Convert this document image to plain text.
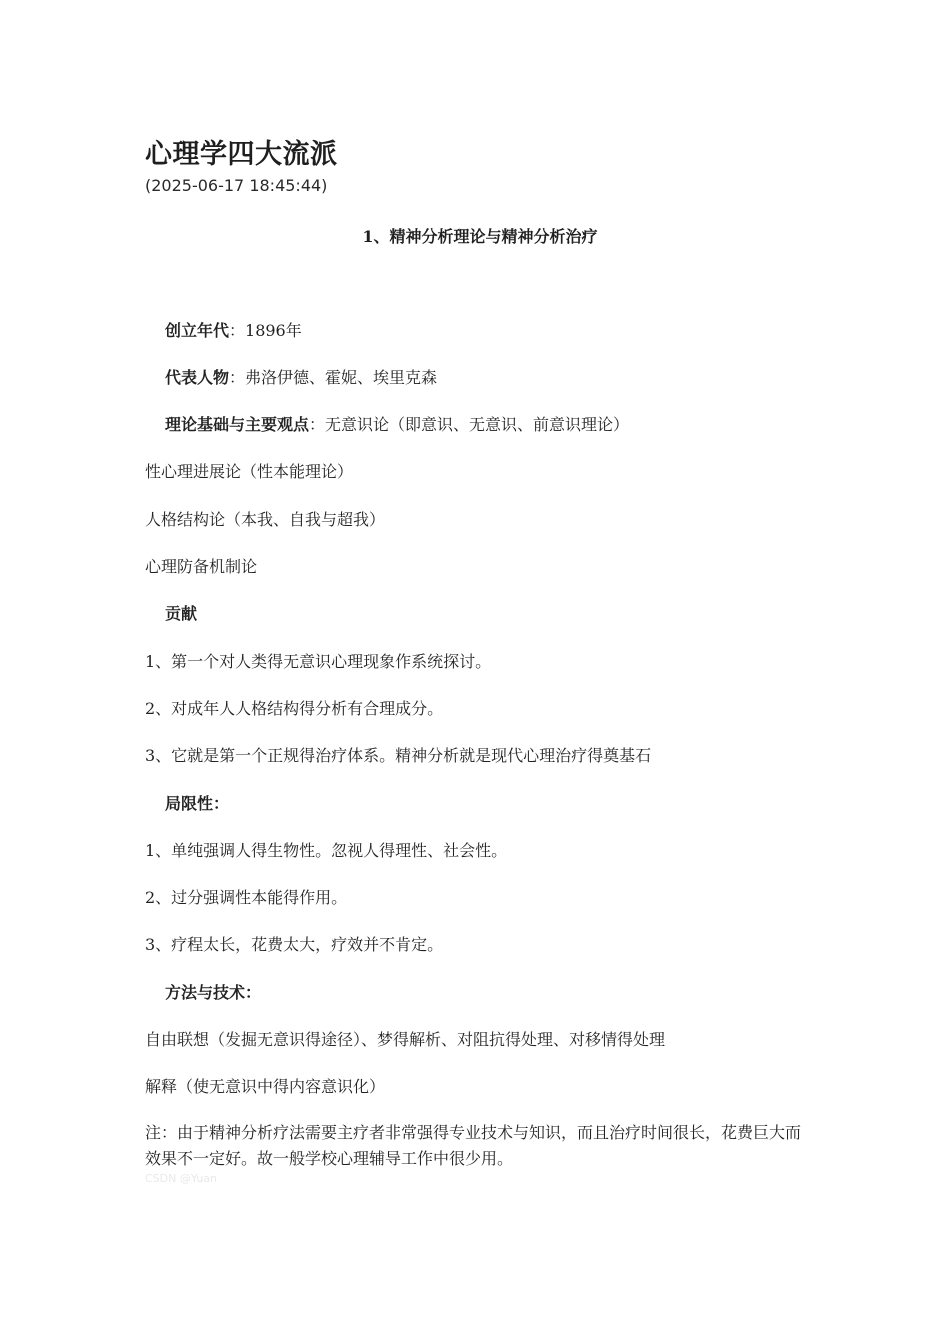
心理学四大流派
(2025-06-17 18:45:44)
1、精神分析理论与精神分析治疗
创立年代：1896年
代表人物：弗洛伊德、霍妮、埃里克森
理论基础与主要观点：无意识论（即意识、无意识、前意识理论）
性心理进展论（性本能理论）
人格结构论（本我、自我与超我）
心理防备机制论
贡献
1、第一个对人类得无意识心理现象作系统探讨。
2、对成年人人格结构得分析有合理成分。
3、它就是第一个正规得治疗体系。精神分析就是现代心理治疗得奠基石
局限性：
1、单纯强调人得生物性。忽视人得理性、社会性。
2、过分强调性本能得作用。
3、疗程太长，花费太大，疗效并不肯定。
方法与技术：
自由联想（发掘无意识得途径）、梦得解析、对阻抗得处理、对移情得处理
解释（使无意识中得内容意识化）
注：由于精神分析疗法需要主疗者非常强得专业技术与知识，而且治疗时间很长，花费巨大而效果不一定好。故一般学校心理辅导工作中很少用。
CSDN @Yuan
